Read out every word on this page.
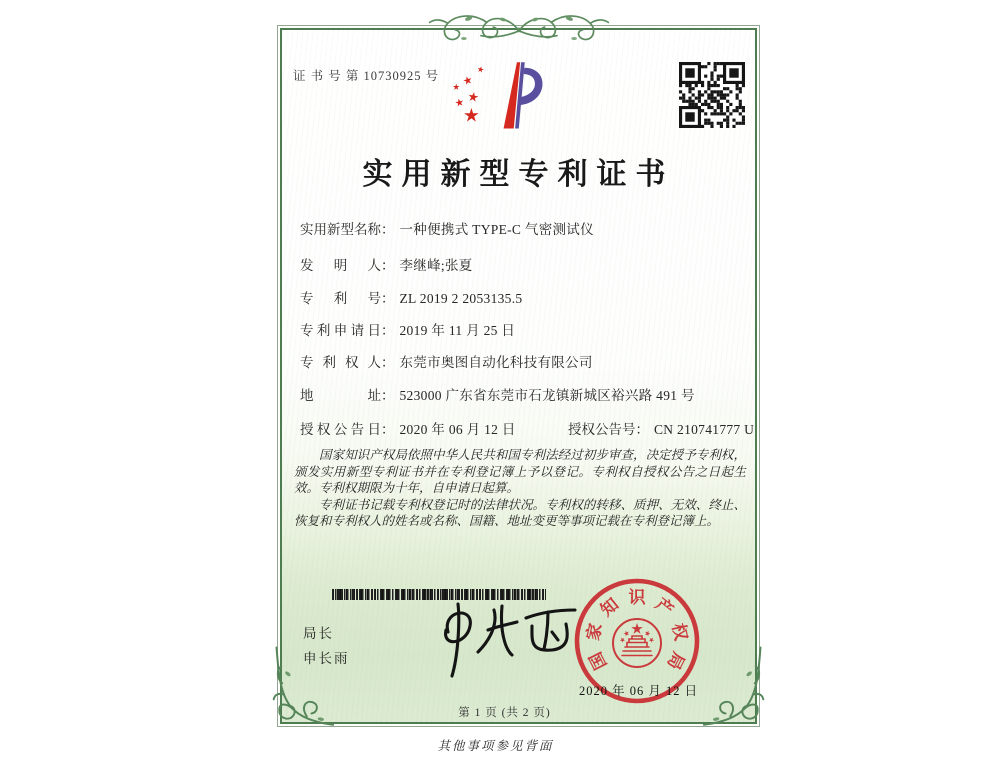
证 书 号 第 10730925 号
实用新型专利证书
实用新型名称： 一种便携式 TYPE-C 气密测试仪
发明人： 李继峰;张夏
专利号： ZL 2019 2 2053135.5
专利申请日： 2019 年 11 月 25 日
专利权人： 东莞市奥图自动化科技有限公司
地址： 523000 广东省东莞市石龙镇新城区裕兴路 491 号
授权公告日： 2020 年 06 月 12 日	授权公告号： CN 210741777 U

国家知识产权局依照中华人民共和国专利法经过初步审查，决定授予专利权，颁发实用新型专利证书并在专利登记簿上予以登记。专利权自授权公告之日起生效。专利权期限为十年，自申请日起算。

专利证书记载专利权登记时的法律状况。专利权的转移、质押、无效、终止、恢复和专利权人的姓名或名称、国籍、地址变更等事项记载在专利登记簿上。

局长
申长雨	国
家
知 识 产
权
局
2020 年 06 月 12 日
第 1 页 (共 2 页)
其他事项参见背面
